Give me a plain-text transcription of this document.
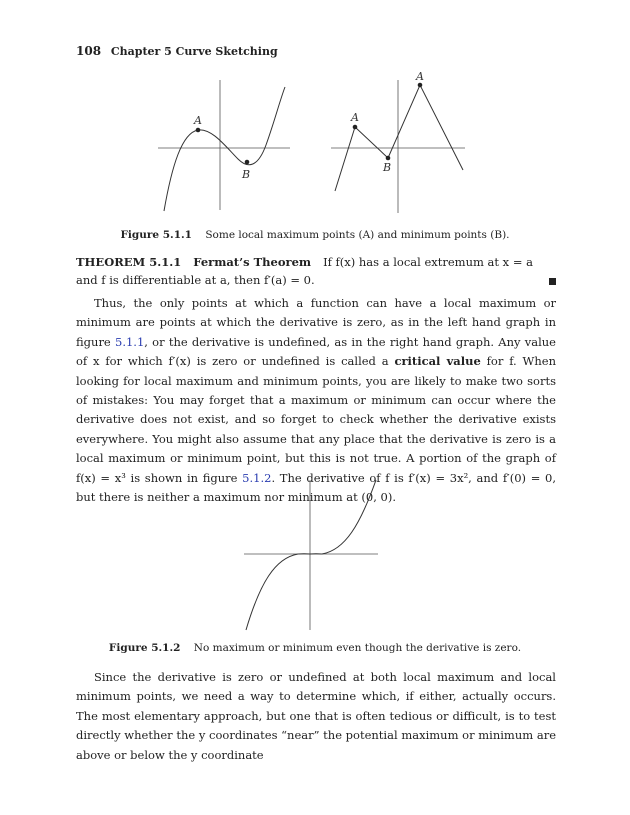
108 Chapter 5 Curve Sketching
A
B
A
A
B
Figure 5.1.1 Some local maximum points (A) and minimum points (B).
THEOREM 5.1.1 Fermat’s Theorem If f(x) has a local extremum at x = a and f is differentiable at a, then f′(a) = 0.

Thus, the only points at which a function can have a local maximum or minimum are points at which the derivative is zero, as in the left hand graph in figure 5.1.1, or the derivative is undefined, as in the right hand graph. Any value of x for which f′(x) is zero or undefined is called a critical value for f. When looking for local maximum and minimum points, you are likely to make two sorts of mistakes: You may forget that a maximum or minimum can occur where the derivative does not exist, and so forget to check whether the derivative exists everywhere. You might also assume that any place that the derivative is zero is a local maximum or minimum point, but this is not true. A portion of the graph of f(x) = x³ is shown in figure 5.1.2. The derivative of f is f′(x) = 3x², and f′(0) = 0, but there is neither a maximum nor minimum at (0, 0).

Figure 5.1.2 No maximum or minimum even though the derivative is zero.

Since the derivative is zero or undefined at both local maximum and local minimum points, we need a way to determine which, if either, actually occurs. The most elementary approach, but one that is often tedious or difficult, is to test directly whether the y coordinates “near” the potential maximum or minimum are above or below the y coordinate
